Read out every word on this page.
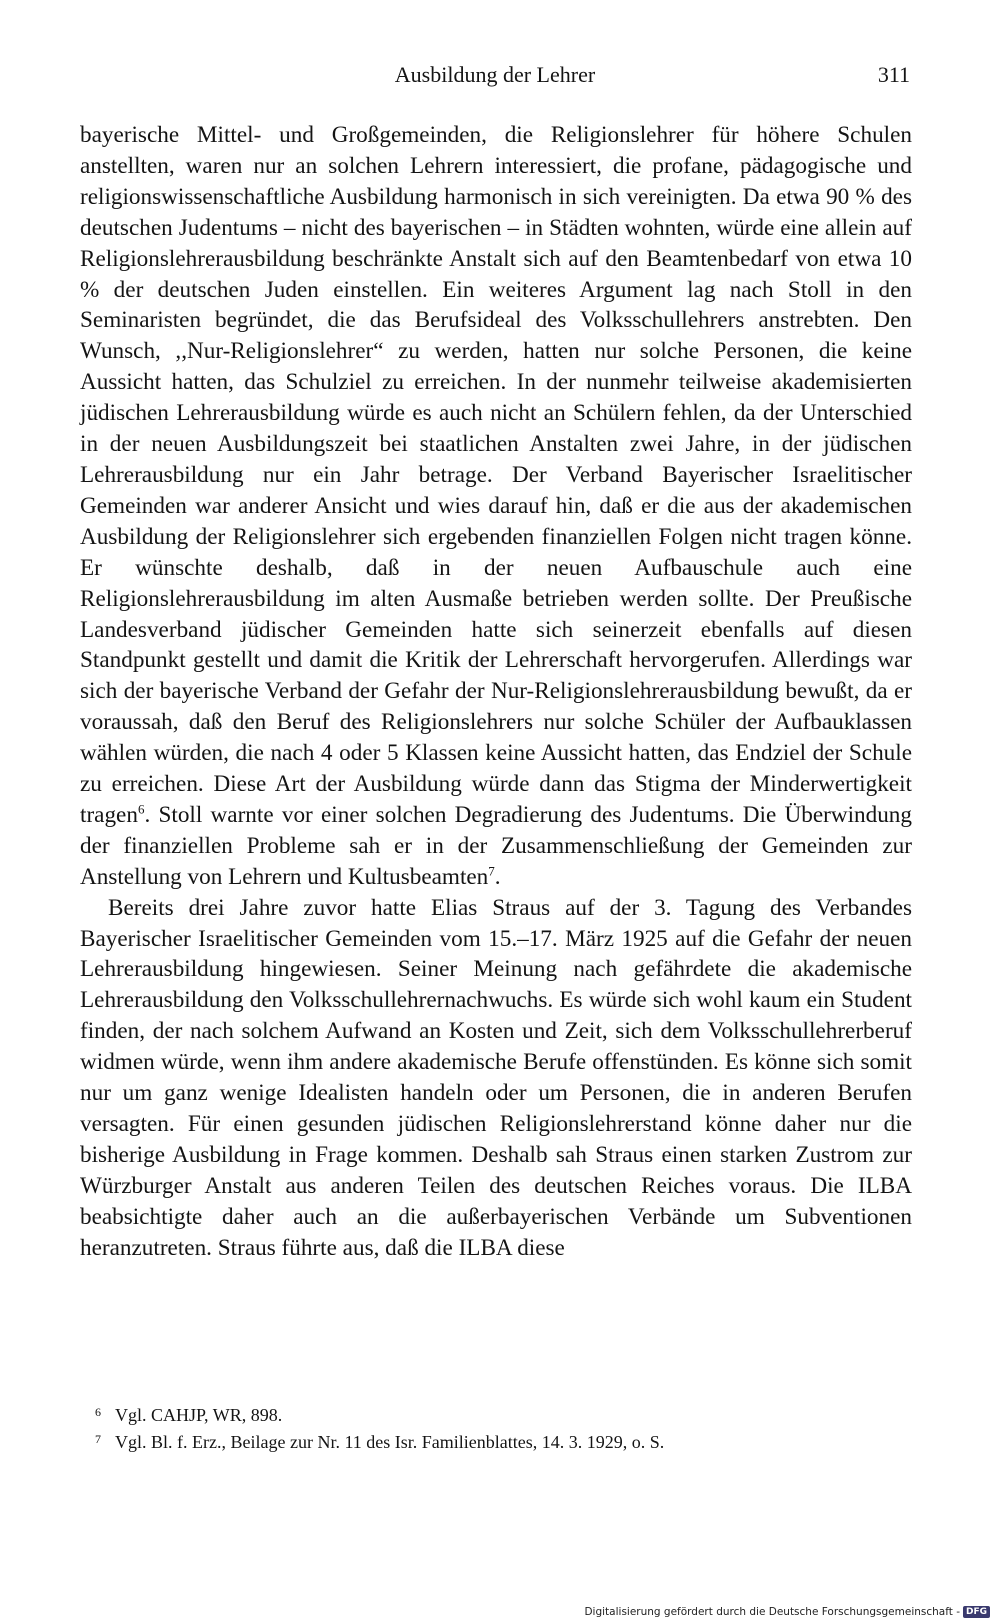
Ausbildung der Lehrer	311

bayerische Mittel- und Großgemeinden, die Religionslehrer für höhere Schulen anstellten, waren nur an solchen Lehrern interessiert, die profane, pädagogische und religionswissenschaftliche Ausbildung harmonisch in sich vereinigten. Da etwa 90 % des deutschen Judentums – nicht des bayerischen – in Städten wohnten, würde eine allein auf Religionslehrerausbildung beschränkte Anstalt sich auf den Beamtenbedarf von etwa 10 % der deutschen Juden einstellen. Ein weiteres Argument lag nach Stoll in den Seminaristen begründet, die das Berufsideal des Volksschullehrers anstrebten. Den Wunsch, ,,Nur-Religionslehrer“ zu werden, hatten nur solche Personen, die keine Aussicht hatten, das Schulziel zu erreichen. In der nunmehr teilweise akademisierten jüdischen Lehrerausbildung würde es auch nicht an Schülern fehlen, da der Unterschied in der neuen Ausbildungszeit bei staatlichen Anstalten zwei Jahre, in der jüdischen Lehrerausbildung nur ein Jahr betrage. Der Verband Bayerischer Israelitischer Gemeinden war anderer Ansicht und wies darauf hin, daß er die aus der akademischen Ausbildung der Religionslehrer sich ergebenden finanziellen Folgen nicht tragen könne. Er wünschte deshalb, daß in der neuen Aufbauschule auch eine Religionslehrerausbildung im alten Ausmaße betrieben werden sollte. Der Preußische Landesverband jüdischer Gemeinden hatte sich seinerzeit ebenfalls auf diesen Standpunkt gestellt und damit die Kritik der Lehrerschaft hervorgerufen. Allerdings war sich der bayerische Verband der Gefahr der Nur-Religionslehrerausbildung bewußt, da er voraussah, daß den Beruf des Religionslehrers nur solche Schüler der Aufbauklassen wählen würden, die nach 4 oder 5 Klassen keine Aussicht hatten, das Endziel der Schule zu erreichen. Diese Art der Ausbildung würde dann das Stigma der Minderwertigkeit tragen$^6$. Stoll warnte vor einer solchen Degradierung des Judentums. Die Überwindung der finanziellen Probleme sah er in der Zusammenschließung der Gemeinden zur Anstellung von Lehrern und Kultusbeamten$^7$.

Bereits drei Jahre zuvor hatte Elias Straus auf der 3. Tagung des Verbandes Bayerischer Israelitischer Gemeinden vom 15.–17. März 1925 auf die Gefahr der neuen Lehrerausbildung hingewiesen. Seiner Meinung nach gefährdete die akademische Lehrerausbildung den Volksschullehrernachwuchs. Es würde sich wohl kaum ein Student finden, der nach solchem Aufwand an Kosten und Zeit, sich dem Volksschullehrerberuf widmen würde, wenn ihm andere akademische Berufe offenstünden. Es könne sich somit nur um ganz wenige Idealisten handeln oder um Personen, die in anderen Berufen versagten. Für einen gesunden jüdischen Religionslehrerstand könne daher nur die bisherige Ausbildung in Frage kommen. Deshalb sah Straus einen starken Zustrom zur Würzburger Anstalt aus anderen Teilen des deutschen Reiches voraus. Die ILBA beabsichtigte daher auch an die außerbayerischen Verbände um Subventionen heranzutreten. Straus führte aus, daß die ILBA diese

6 Vgl. CAHJP, WR, 898.
7 Vgl. Bl. f. Erz., Beilage zur Nr. 11 des Isr. Familienblattes, 14. 3. 1929, o. S.
Digitalisierung gefördert durch die Deutsche Forschungsgemeinschaft - DFG
